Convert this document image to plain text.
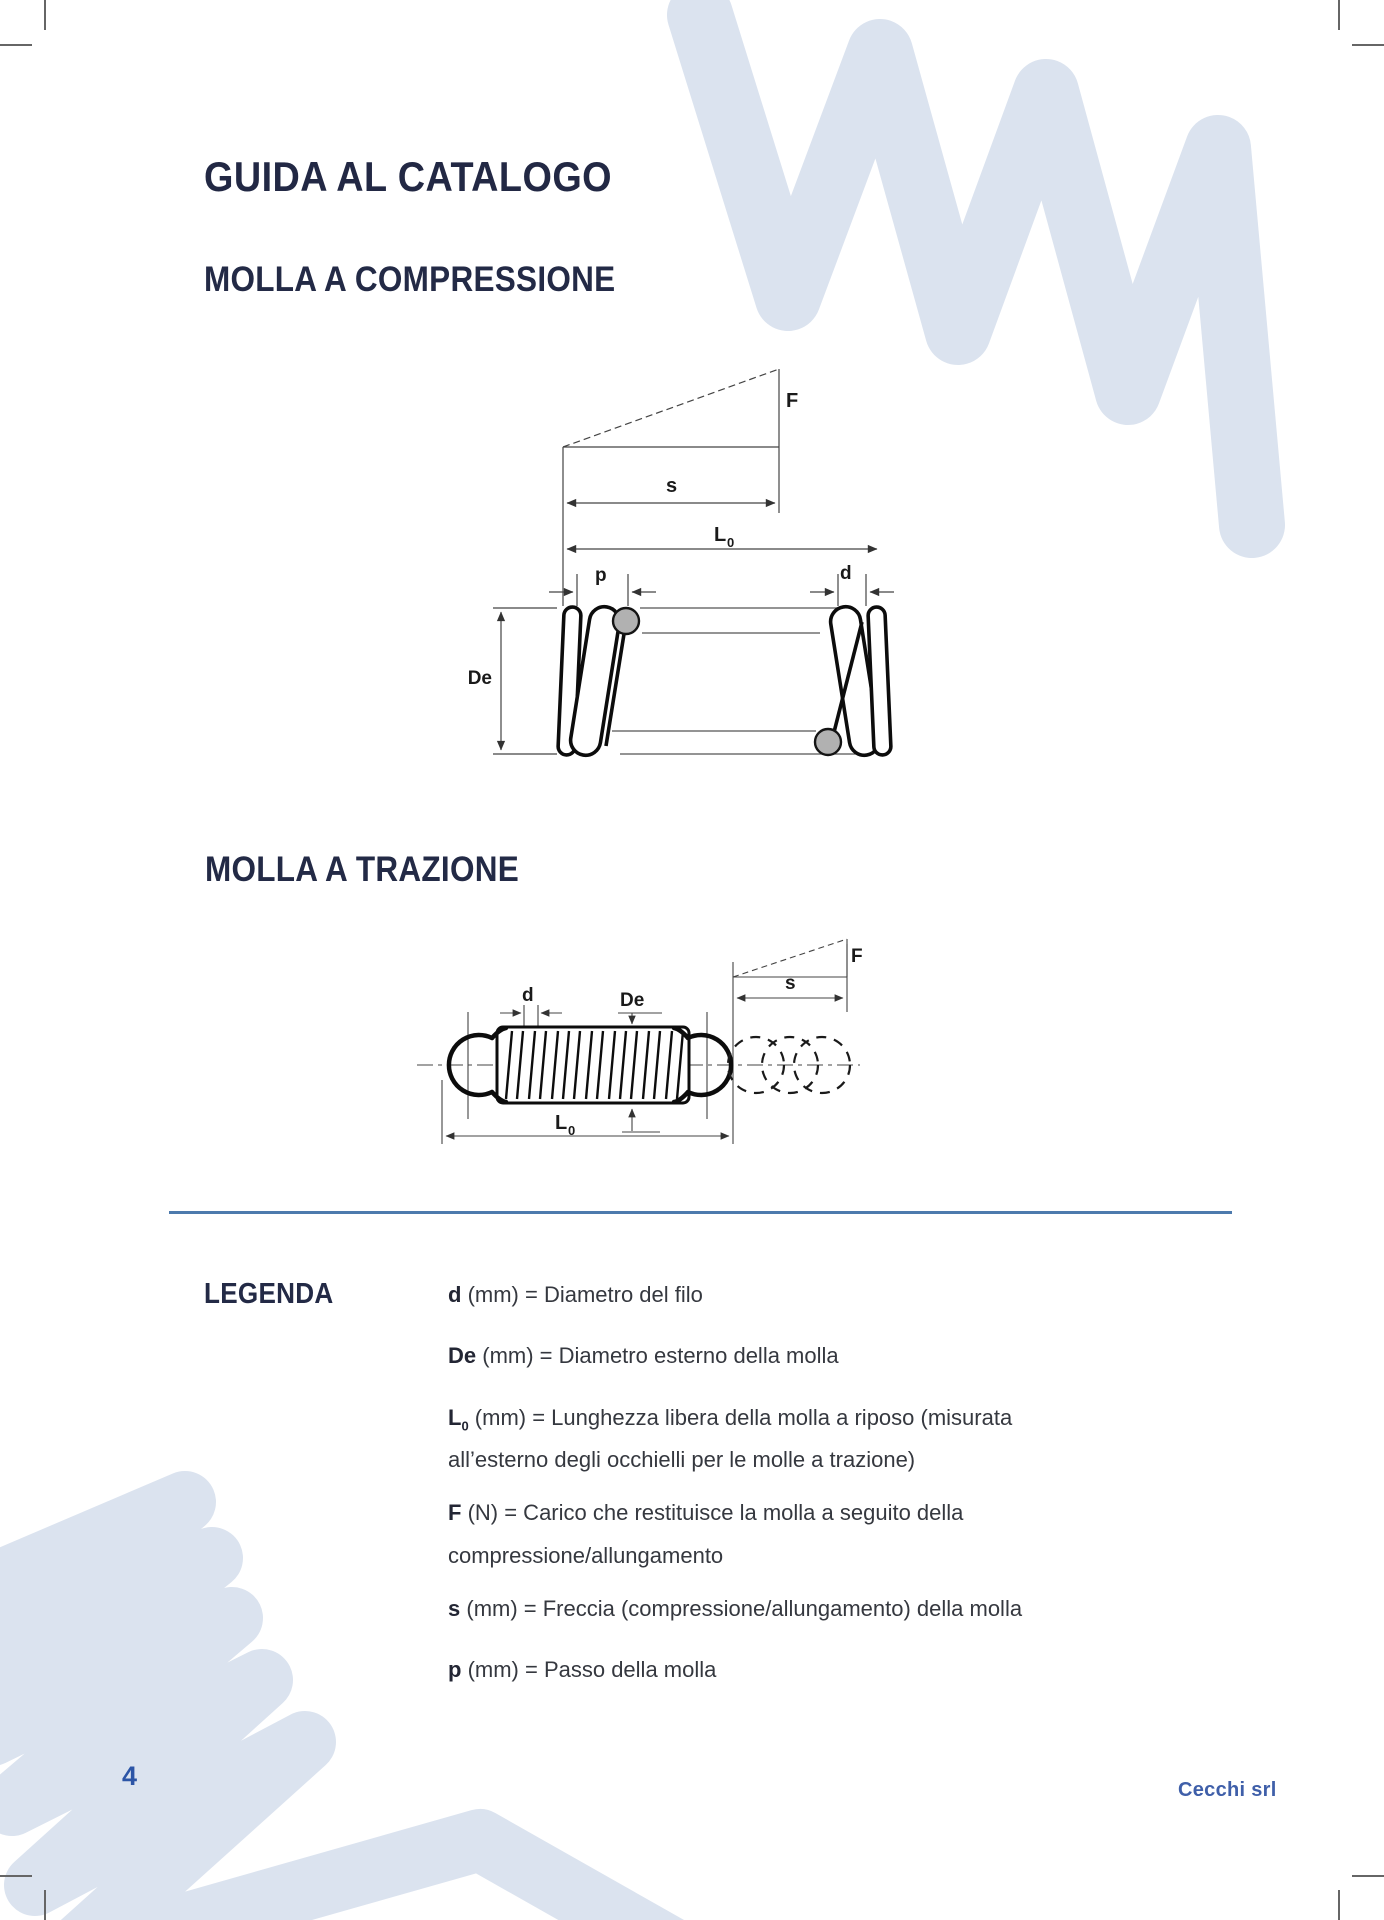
GUIDA AL CATALOGO
MOLLA A COMPRESSIONE
MOLLA A TRAZIONE
F
s
L 0
p	d
De
d	De
F
s
L 0
LEGENDA	d (mm) = Diametro del filo
De (mm) = Diametro esterno della molla
$L_0$ (mm) = Lunghezza libera della molla a riposo (misurata all’esterno degli occhielli per le molle a trazione)
F (N) = Carico che restituisce la molla a seguito della compressione/allungamento
s (mm) = Freccia (compressione/allungamento) della molla
p (mm) = Passo della molla
4	Cecchi srl
